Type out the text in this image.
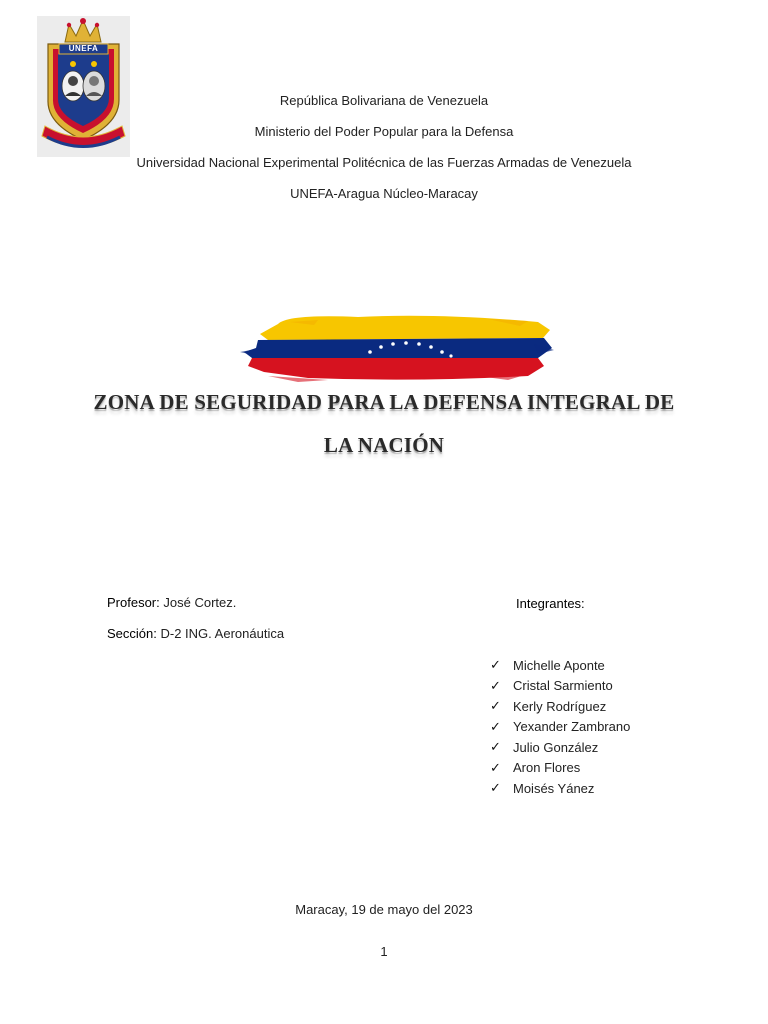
UNEFA
República Bolivariana de Venezuela
Ministerio del Poder Popular para la Defensa
Universidad Nacional Experimental Politécnica de las Fuerzas Armadas de Venezuela
UNEFA-Aragua Núcleo-Maracay
ZONA DE SEGURIDAD PARA LA DEFENSA INTEGRAL DE
LA NACIÓN
Profesor: José Cortez.
Sección: D-2 ING. Aeronáutica
Integrantes:
✓ Michelle Aponte
✓ Cristal Sarmiento
✓ Kerly Rodríguez
✓ Yexander Zambrano
✓ Julio González
✓ Aron Flores
✓ Moisés Yánez
Maracay, 19 de mayo del 2023
1
